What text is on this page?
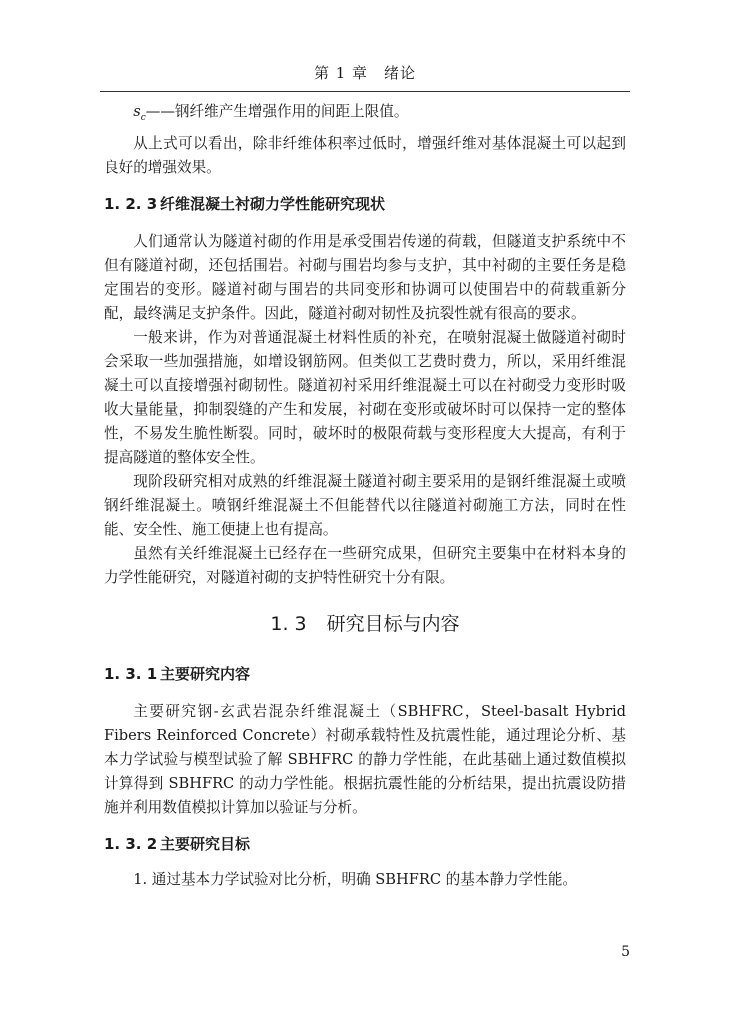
第 1 章 绪论

$s_c——$钢纤维产生增强作用的间距上限值。

从上式可以看出，除非纤维体积率过低时，增强纤维对基体混凝土可以起到良好的增强效果。

1. 2. 3 纤维混凝土衬砌力学性能研究现状

人们通常认为隧道衬砌的作用是承受围岩传递的荷载，但隧道支护系统中不但有隧道衬砌，还包括围岩。衬砌与围岩均参与支护，其中衬砌的主要任务是稳定围岩的变形。隧道衬砌与围岩的共同变形和协调可以使围岩中的荷载重新分配，最终满足支护条件。因此，隧道衬砌对韧性及抗裂性就有很高的要求。

一般来讲，作为对普通混凝土材料性质的补充，在喷射混凝土做隧道衬砌时会采取一些加强措施，如增设钢筋网。但类似工艺费时费力，所以，采用纤维混凝土可以直接增强衬砌韧性。隧道初衬采用纤维混凝土可以在衬砌受力变形时吸收大量能量，抑制裂缝的产生和发展，衬砌在变形或破坏时可以保持一定的整体性，不易发生脆性断裂。同时，破坏时的极限荷载与变形程度大大提高，有利于提高隧道的整体安全性。

现阶段研究相对成熟的纤维混凝土隧道衬砌主要采用的是钢纤维混凝土或喷钢纤维混凝土。喷钢纤维混凝土不但能替代以往隧道衬砌施工方法，同时在性能、安全性、施工便捷上也有提高。

虽然有关纤维混凝土已经存在一些研究成果，但研究主要集中在材料本身的力学性能研究，对隧道衬砌的支护特性研究十分有限。

1. 3 研究目标与内容
1. 3. 1 主要研究内容

主要研究钢-玄武岩混杂纤维混凝土（SBHFRC，Steel-basalt Hybrid Fibers Reinforced Concrete）衬砌承载特性及抗震性能，通过理论分析、基本力学试验与模型试验了解 SBHFRC 的静力学性能，在此基础上通过数值模拟计算得到 SBHFRC 的动力学性能。根据抗震性能的分析结果，提出抗震设防措施并利用数值模拟计算加以验证与分析。

1. 3. 2 主要研究目标

1. 通过基本力学试验对比分析，明确 SBHFRC 的基本静力学性能。

5
